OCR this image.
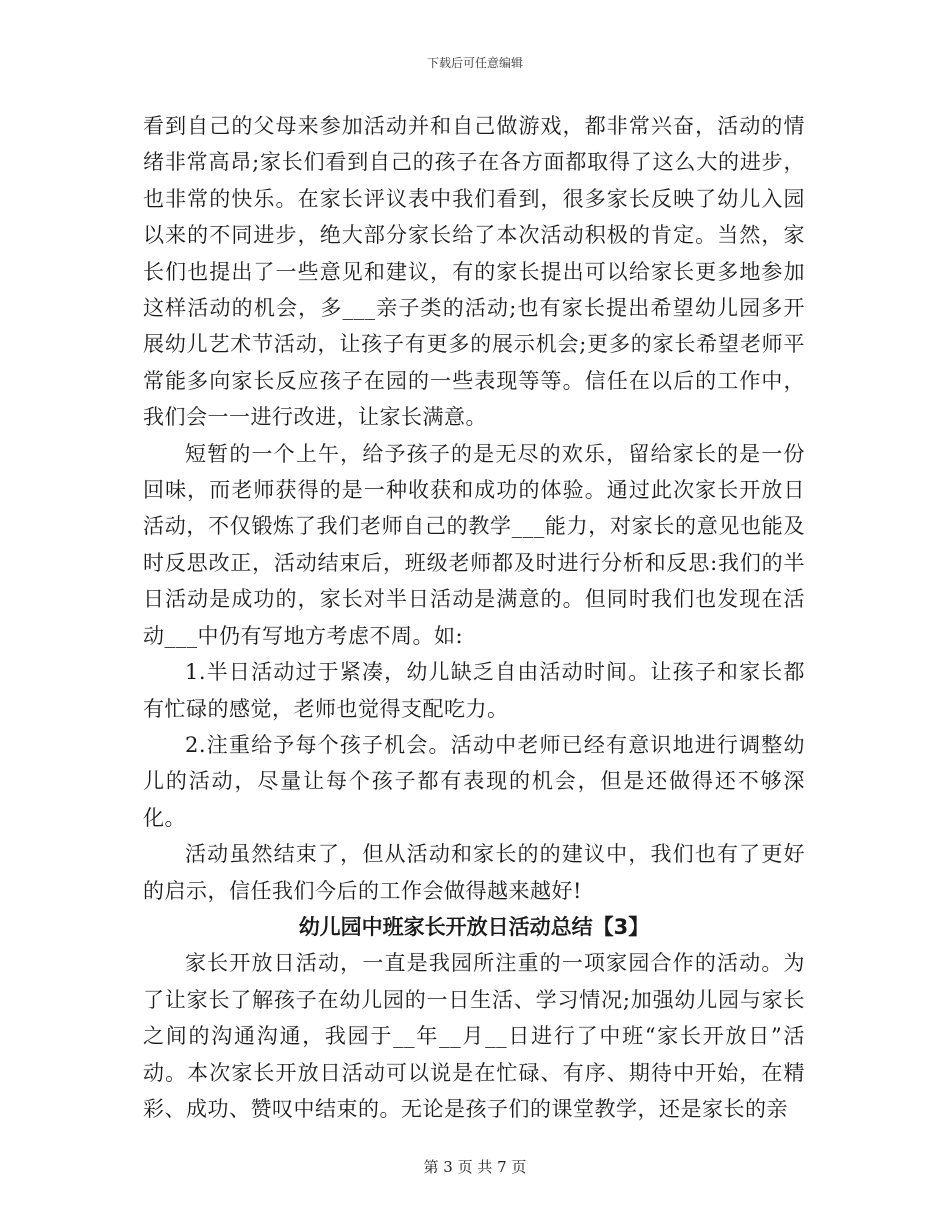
下载后可任意编辑

看到自己的父母来参加活动并和自己做游戏，都非常兴奋，活动的情绪非常高昂;家长们看到自己的孩子在各方面都取得了这么大的进步，也非常的快乐。在家长评议表中我们看到，很多家长反映了幼儿入园以来的不同进步，绝大部分家长给了本次活动积极的肯定。当然，家长们也提出了一些意见和建议，有的家长提出可以给家长更多地参加这样活动的机会，多___亲子类的活动;也有家长提出希望幼儿园多开展幼儿艺术节活动，让孩子有更多的展示机会;更多的家长希望老师平常能多向家长反应孩子在园的一些表现等等。信任在以后的工作中，我们会一一进行改进，让家长满意。

短暂的一个上午，给予孩子的是无尽的欢乐，留给家长的是一份回味，而老师获得的是一种收获和成功的体验。通过此次家长开放日活动，不仅锻炼了我们老师自己的教学___能力，对家长的意见也能及时反思改正，活动结束后，班级老师都及时进行分析和反思:我们的半日活动是成功的，家长对半日活动是满意的。但同时我们也发现在活动___中仍有写地方考虑不周。如:

1.半日活动过于紧凑，幼儿缺乏自由活动时间。让孩子和家长都有忙碌的感觉，老师也觉得支配吃力。

2.注重给予每个孩子机会。活动中老师已经有意识地进行调整幼儿的活动，尽量让每个孩子都有表现的机会，但是还做得还不够深化。

活动虽然结束了，但从活动和家长的的建议中，我们也有了更好的启示，信任我们今后的工作会做得越来越好!

幼儿园中班家长开放日活动总结【3】

家长开放日活动，一直是我园所注重的一项家园合作的活动。为了让家长了解孩子在幼儿园的一日生活、学习情况;加强幼儿园与家长之间的沟通沟通，我园于__年__月__日进行了中班“家长开放日”活动。本次家长开放日活动可以说是在忙碌、有序、期待中开始，在精彩、成功、赞叹中结束的。无论是孩子们的课堂教学，还是家长的亲

第 3 页 共 7 页
